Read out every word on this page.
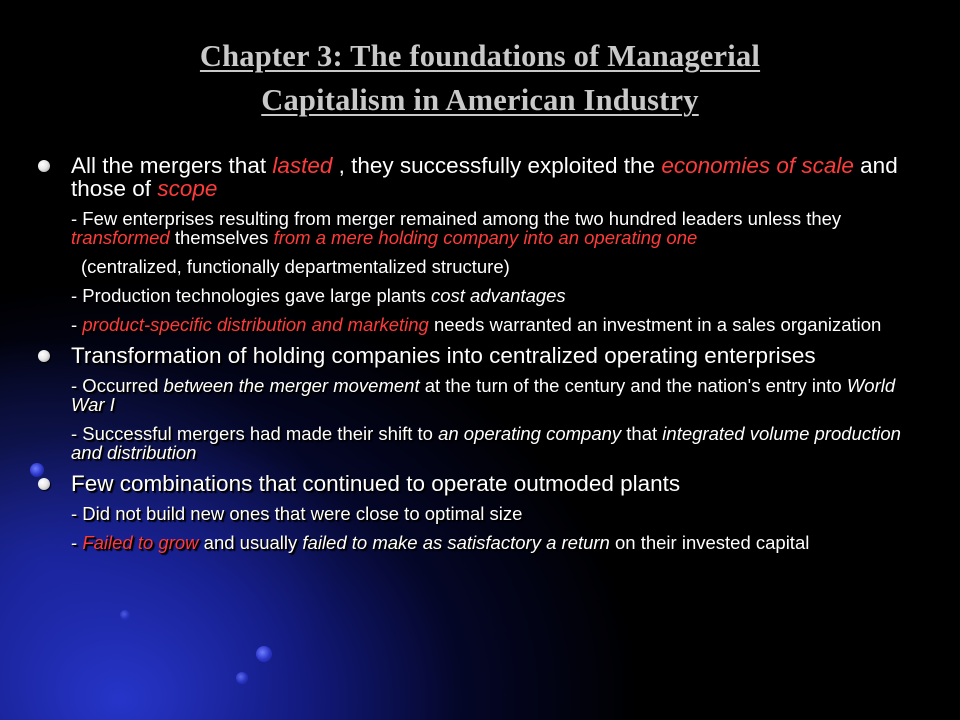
Chapter 3: The foundations of Managerial
Capitalism in American Industry
All the mergers that lasted , they successfully exploited the economies of scale and those of scope
- Few enterprises resulting from merger remained among the two hundred leaders unless they transformed themselves from a mere holding company into an operating one
(centralized, functionally departmentalized structure)
- Production technologies gave large plants cost advantages
- product-specific distribution and marketing needs warranted an investment in a sales organization
Transformation of holding companies into centralized operating enterprises
- Occurred between the merger movement at the turn of the century and the nation's entry into World War I
- Successful mergers had made their shift to an operating company that integrated volume production and distribution
Few combinations that continued to operate outmoded plants
- Did not build new ones that were close to optimal size
- Failed to grow and usually failed to make as satisfactory a return on their invested capital
